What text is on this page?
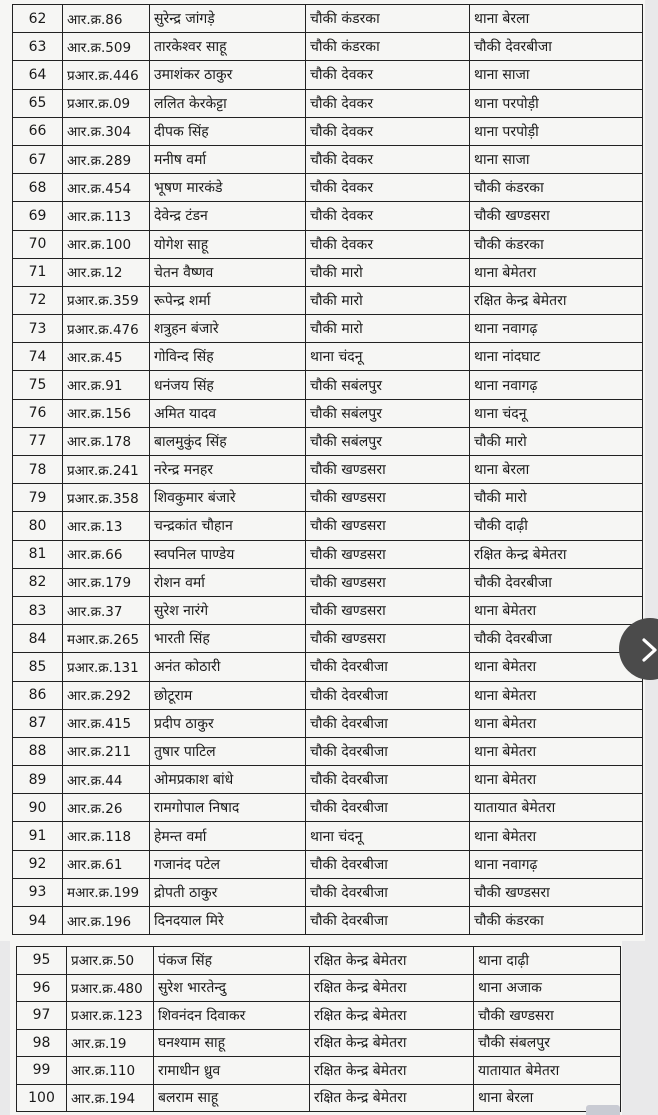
62	आर.क्र.86	सुरेन्द्र जांगड़े	चौकी कंडरका	थाना बेरला
63	आर.क्र.509	तारकेश्वर साहू	चौकी कंडरका	चौकी देवरबीजा
64	प्रआर.क्र.446	उमाशंकर ठाकुर	चौकी देवकर	थाना साजा
65	प्रआर.क्र.09	ललित केरकेट्टा	चौकी देवकर	थाना परपोड़ी
66	आर.क्र.304	दीपक सिंह	चौकी देवकर	थाना परपोड़ी
67	आर.क्र.289	मनीष वर्मा	चौकी देवकर	थाना साजा
68	आर.क्र.454	भूषण मारकंडे	चौकी देवकर	चौकी कंडरका
69	आर.क्र.113	देवेन्द्र टंडन	चौकी देवकर	चौकी खण्डसरा
70	आर.क्र.100	योगेश साहू	चौकी देवकर	चौकी कंडरका
71	आर.क्र.12	चेतन वैष्णव	चौकी मारो	थाना बेमेतरा
72	प्रआर.क्र.359	रूपेन्द्र शर्मा	चौकी मारो	रक्षित केन्द्र बेमेतरा
73	प्रआर.क्र.476	शत्रुहन बंजारे	चौकी मारो	थाना नवागढ़
74	आर.क्र.45	गोविन्द सिंह	थाना चंदनू	थाना नांदघाट
75	आर.क्र.91	धनंजय सिंह	चौकी सबंलपुर	थाना नवागढ़
76	आर.क्र.156	अमित यादव	चौकी सबंलपुर	थाना चंदनू
77	आर.क्र.178	बालमुकुंद सिंह	चौकी सबंलपुर	चौकी मारो
78	प्रआर.क्र.241	नरेन्द्र मनहर	चौकी खण्डसरा	थाना बेरला
79	प्रआर.क्र.358	शिवकुमार बंजारे	चौकी खण्डसरा	चौकी मारो
80	आर.क्र.13	चन्द्रकांत चौहान	चौकी खण्डसरा	चौकी दाढ़ी
81	आर.क्र.66	स्वपनिल पाण्डेय	चौकी खण्डसरा	रक्षित केन्द्र बेमेतरा
82	आर.क्र.179	रोशन वर्मा	चौकी खण्डसरा	चौकी देवरबीजा
83	आर.क्र.37	सुरेश नारंगे	चौकी खण्डसरा	थाना बेमेतरा
84	मआर.क्र.265	भारती सिंह	चौकी खण्डसरा	चौकी देवरबीजा
85	प्रआर.क्र.131	अनंत कोठारी	चौकी देवरबीजा	थाना बेमेतरा
86	आर.क्र.292	छोटूराम	चौकी देवरबीजा	थाना बेमेतरा
87	आर.क्र.415	प्रदीप ठाकुर	चौकी देवरबीजा	थाना बेमेतरा
88	आर.क्र.211	तुषार पाटिल	चौकी देवरबीजा	थाना बेमेतरा
89	आर.क्र.44	ओमप्रकाश बांधे	चौकी देवरबीजा	थाना बेमेतरा
90	आर.क्र.26	रामगोपाल निषाद	चौकी देवरबीजा	यातायात बेमेतरा
91	आर.क्र.118	हेमन्त वर्मा	थाना चंदनू	थाना बेमेतरा
92	आर.क्र.61	गजानंद पटेल	चौकी देवरबीजा	थाना नवागढ़
93	मआर.क्र.199	द्रोपती ठाकुर	चौकी देवरबीजा	चौकी खण्डसरा
94	आर.क्र.196	दिनदयाल मिरे	चौकी देवरबीजा	चौकी कंडरका
95	प्रआर.क्र.50	पंकज सिंह	रक्षित केन्द्र बेमेतरा	थाना दाढ़ी
96	प्रआर.क्र.480	सुरेश भारतेन्दु	रक्षित केन्द्र बेमेतरा	थाना अजाक
97	प्रआर.क्र.123	शिवनंदन दिवाकर	रक्षित केन्द्र बेमेतरा	चौकी खण्डसरा
98	आर.क्र.19	घनश्याम साहू	रक्षित केन्द्र बेमेतरा	चौकी संबलपुर
99	आर.क्र.110	रामाधीन ध्रुव	रक्षित केन्द्र बेमेतरा	यातायात बेमेतरा
100	आर.क्र.194	बलराम साहू	रक्षित केन्द्र बेमेतरा	थाना बेरला
